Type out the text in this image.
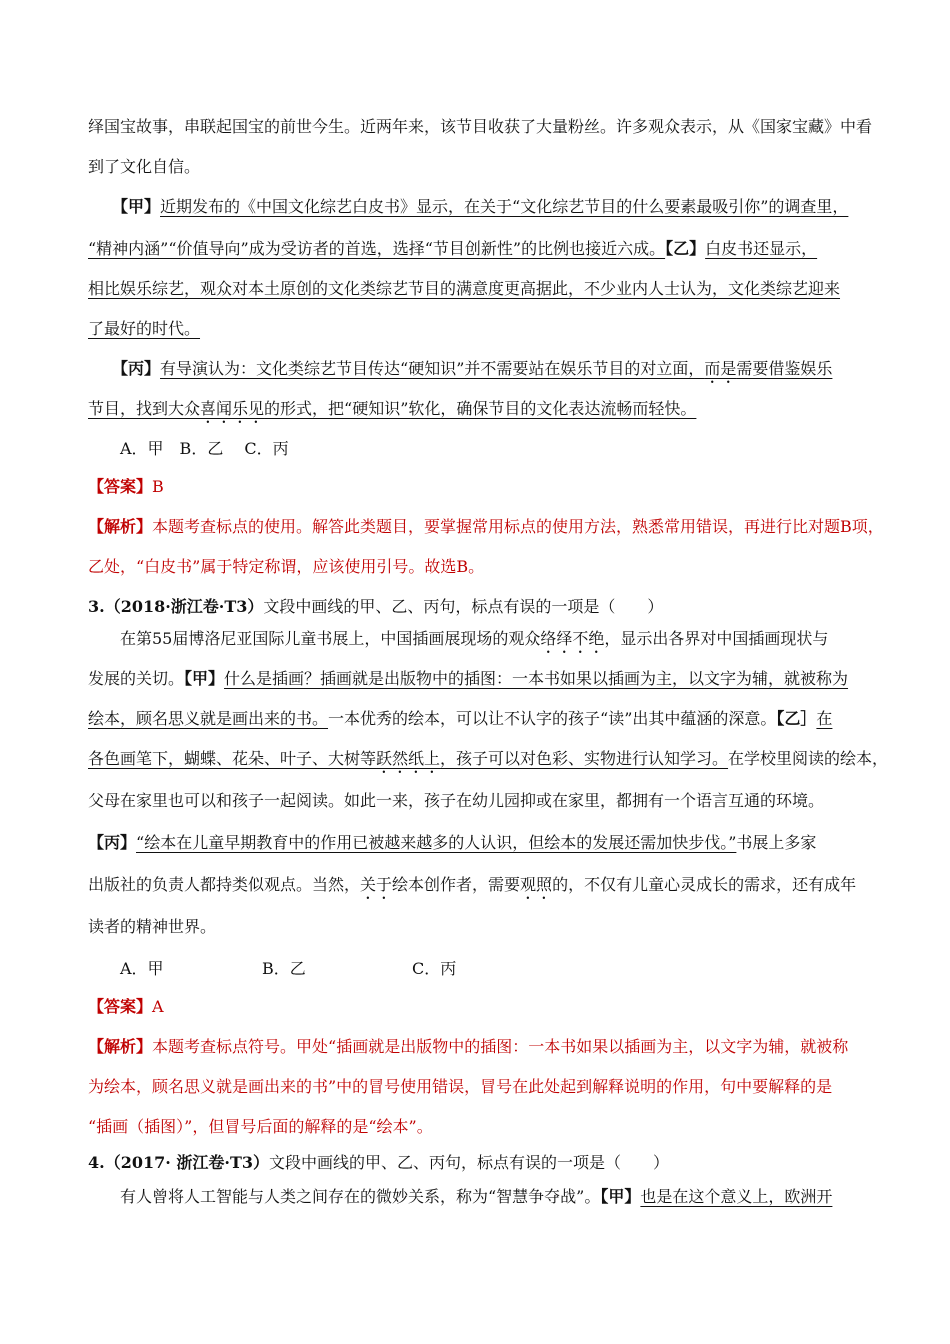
绎国宝故事，串联起国宝的前世今生。近两年来，该节目收获了大量粉丝。许多观众表示，从《国家宝藏》中看
到了文化自信。
【甲】近期发布的《中国文化综艺白皮书》显示，在关于“文化综艺节目的什么要素最吸引你”的调查里，
“精神内涵”“价值导向”成为受访者的首选，选择“节目创新性”的比例也接近六成。【乙】白皮书还显示，
相比娱乐综艺，观众对本土原创的文化类综艺节目的满意度更高据此，不少业内人士认为，文化类综艺迎来
了最好的时代。
【丙】有导演认为：文化类综艺节目传达“硬知识”并不需要站在娱乐节目的对立面，而是需要借鉴娱乐
节目，找到大众喜闻乐见的形式，把“硬知识”软化，确保节目的文化表达流畅而轻快。
A．甲　B．乙　 C．丙
【答案】B
【解析】本题考查标点的使用。解答此类题目，要掌握常用标点的使用方法，熟悉常用错误，再进行比对题B项，
乙处，“白皮书”属于特定称谓，应该使用引号。故选B。
3.（2018·浙江卷·T3）文段中画线的甲、乙、丙句，标点有误的一项是（　　）
在第55届博洛尼亚国际儿童书展上，中国插画展现场的观众络绎不绝，显示出各界对中国插画现状与
发展的关切。【甲】什么是插画？插画就是出版物中的插图：一本书如果以插画为主，以文字为辅，就被称为
绘本，顾名思义就是画出来的书。一本优秀的绘本，可以让不认字的孩子“读”出其中蕴涵的深意。【乙］在
各色画笔下，蝴蝶、花朵、叶子、大树等跃然纸上，孩子可以对色彩、实物进行认知学习。在学校里阅读的绘本，
父母在家里也可以和孩子一起阅读。如此一来，孩子在幼儿园抑或在家里，都拥有一个语言互通的环境。
【丙】“绘本在儿童早期教育中的作用已被越来越多的人认识，但绘本的发展还需加快步伐。”书展上多家
出版社的负责人都持类似观点。当然，关于绘本创作者，需要观照的，不仅有儿童心灵成长的需求，还有成年
读者的精神世界。
A．甲	B．乙	C．丙
【答案】A
【解析】本题考查标点符号。甲处“插画就是出版物中的插图：一本书如果以插画为主，以文字为辅，就被称
为绘本，顾名思义就是画出来的书”中的冒号使用错误，冒号在此处起到解释说明的作用，句中要解释的是
“插画（插图）”，但冒号后面的解释的是“绘本”。
4.（2017· 浙江卷·T3）文段中画线的甲、乙、丙句，标点有误的一项是（　　）
有人曾将人工智能与人类之间存在的微妙关系，称为“智慧争夺战”。【甲】也是在这个意义上，欧洲开
